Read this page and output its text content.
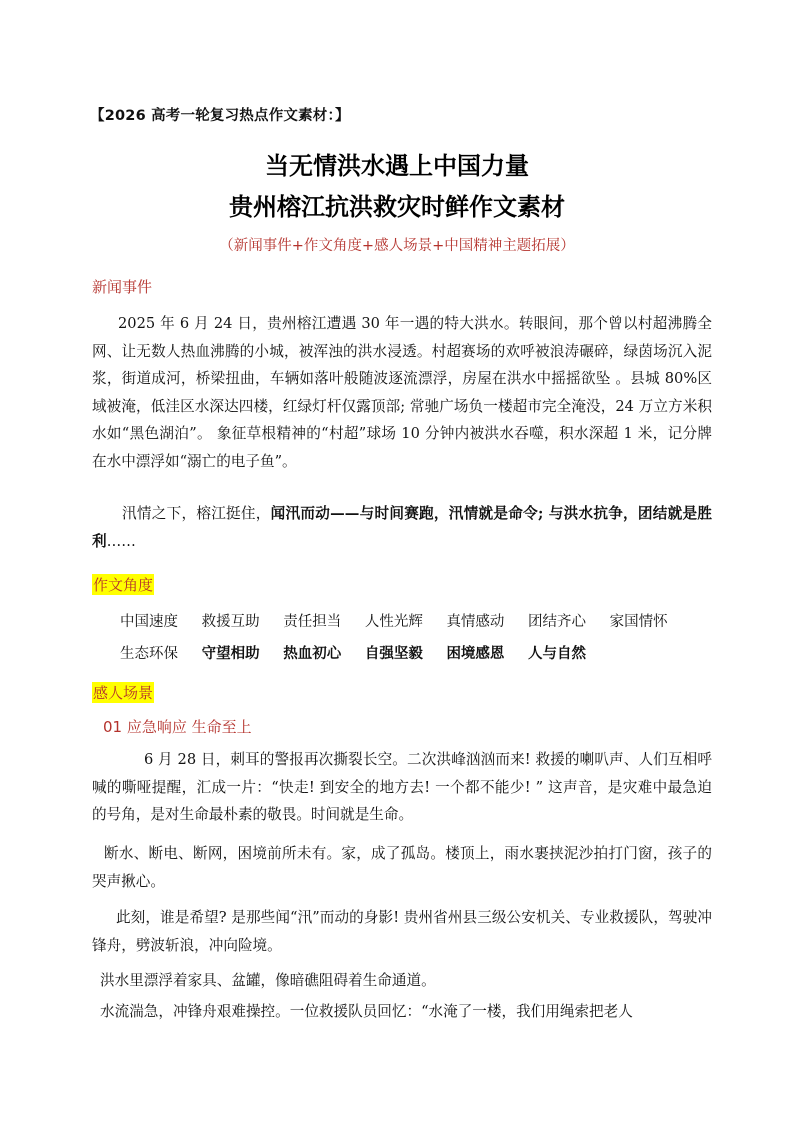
【2026 高考一轮复习热点作文素材：】
当无情洪水遇上中国力量
贵州榕江抗洪救灾时鲜作文素材
（新闻事件+作文角度+感人场景+中国精神主题拓展）
新闻事件

2025 年 6 月 24 日，贵州榕江遭遇 30 年一遇的特大洪水。转眼间，那个曾以村超沸腾全网、让无数人热血沸腾的小城，被浑浊的洪水浸透。村超赛场的欢呼被浪涛碾碎，绿茵场沉入泥浆，街道成河，桥梁扭曲，车辆如落叶般随波逐流漂浮，房屋在洪水中摇摇欲坠 。县城 80%区域被淹，低洼区水深达四楼，红绿灯杆仅露顶部; 常驰广场负一楼超市完全淹没，24 万立方米积水如“黑色湖泊”。 象征草根精神的“村超”球场 10 分钟内被洪水吞噬，积水深超 1 米，记分牌在水中漂浮如“溺亡的电子鱼”。

汛情之下，榕江挺住，闻汛而动——与时间赛跑，汛情就是命令; 与洪水抗争，团结就是胜利……

作文角度
中国速度 救援互助 责任担当 人性光辉 真情感动 团结齐心 家国情怀
生态环保 守望相助 热血初心 自强坚毅 困境感恩 人与自然
感人场景
01 应急响应 生命至上

6 月 28 日，刺耳的警报再次撕裂长空。二次洪峰汹汹而来! 救援的喇叭声、人们互相呼喊的嘶哑提醒，汇成一片：“快走! 到安全的地方去! 一个都不能少! ” 这声音，是灾难中最急迫的号角，是对生命最朴素的敬畏。时间就是生命。

断水、断电、断网，困境前所未有。家，成了孤岛。楼顶上，雨水裹挟泥沙拍打门窗，孩子的哭声揪心。

此刻，谁是希望? 是那些闻“汛”而动的身影! 贵州省州县三级公安机关、专业救援队，驾驶冲锋舟，劈波斩浪，冲向险境。

洪水里漂浮着家具、盆罐，像暗礁阻碍着生命通道。

水流湍急，冲锋舟艰难操控。一位救援队员回忆：“水淹了一楼，我们用绳索把老人
